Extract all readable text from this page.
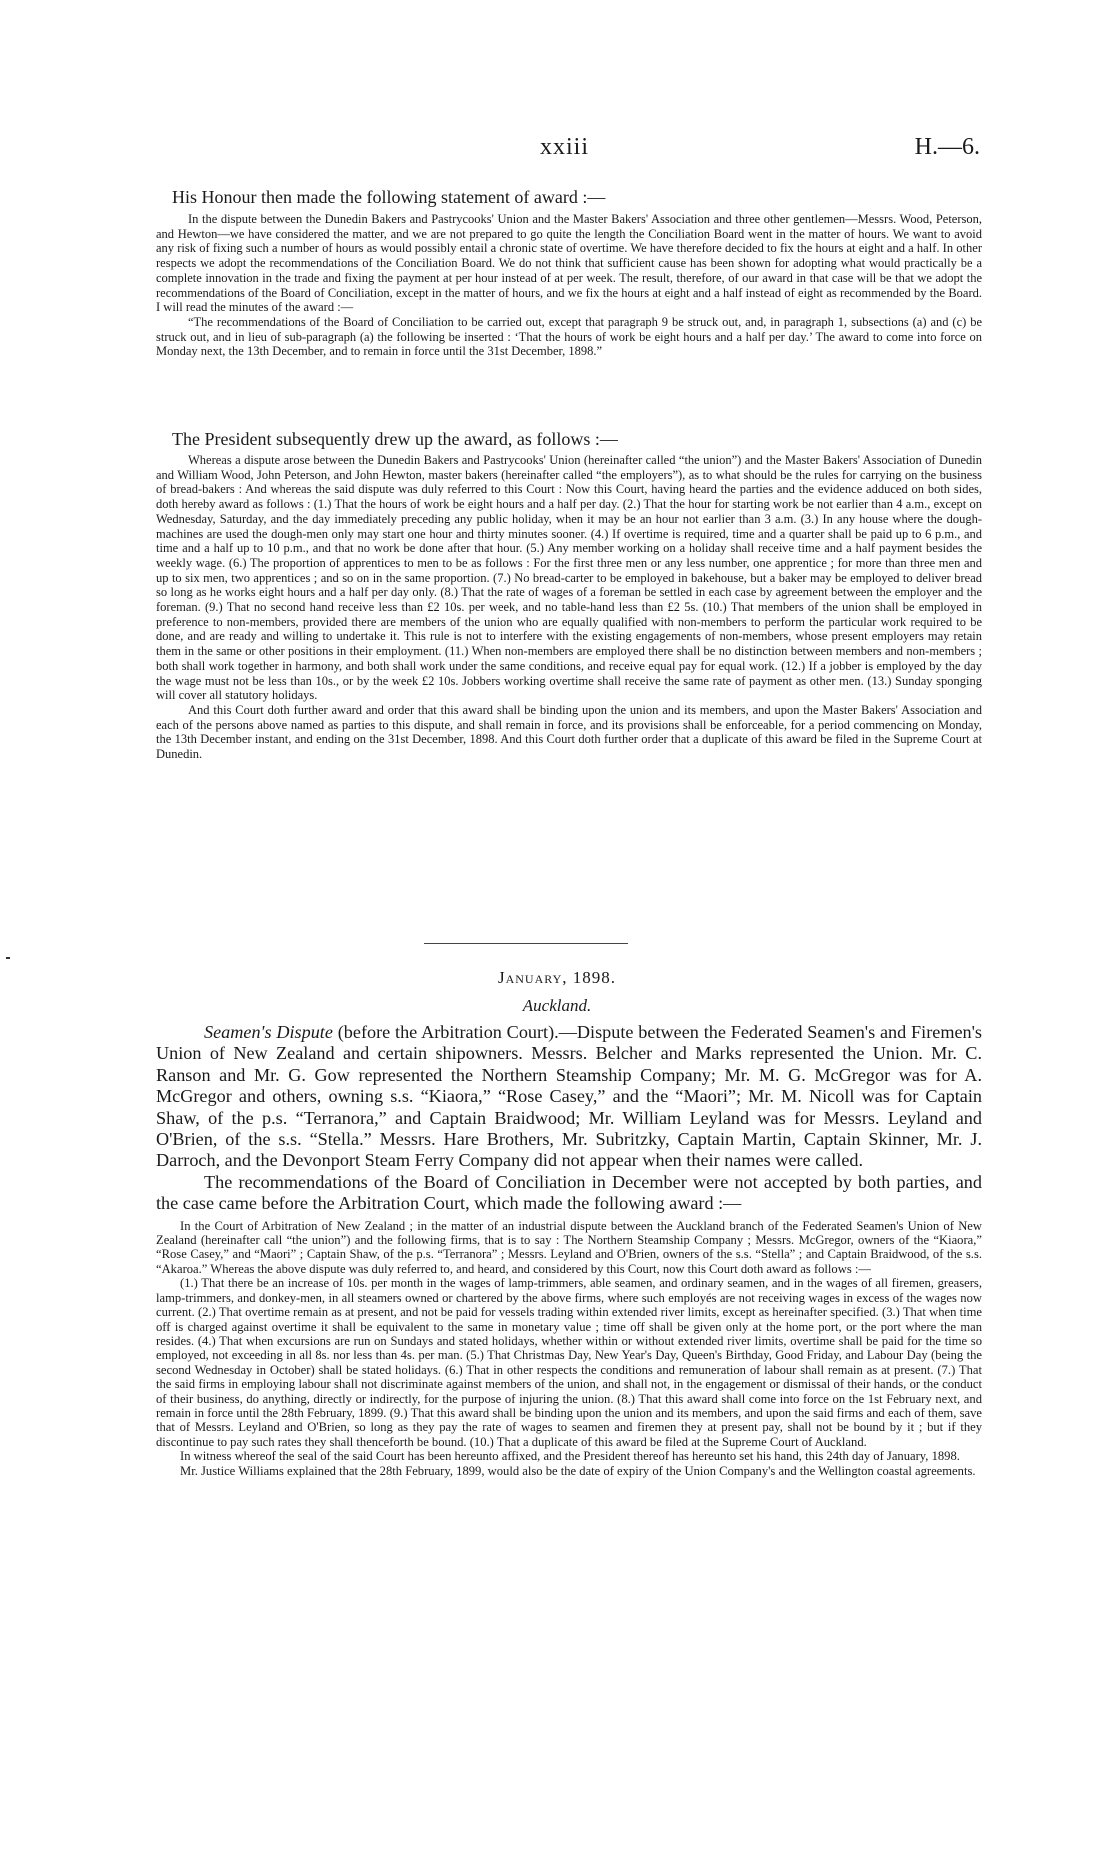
xxiii	H.—6.

His Honour then made the following statement of award :—

In the dispute between the Dunedin Bakers and Pastrycooks' Union and the Master Bakers' Association and three other gentlemen—Messrs. Wood, Peterson, and Hewton—we have considered the matter, and we are not prepared to go quite the length the Conciliation Board went in the matter of hours. We want to avoid any risk of fixing such a number of hours as would possibly entail a chronic state of overtime. We have therefore decided to fix the hours at eight and a half. In other respects we adopt the recommendations of the Conciliation Board. We do not think that sufficient cause has been shown for adopting what would practically be a complete innovation in the trade and fixing the payment at per hour instead of at per week. The result, therefore, of our award in that case will be that we adopt the recommendations of the Board of Conciliation, except in the matter of hours, and we fix the hours at eight and a half instead of eight as recommended by the Board. I will read the minutes of the award :—

“The recommendations of the Board of Conciliation to be carried out, except that paragraph 9 be struck out, and, in paragraph 1, subsections (a) and (c) be struck out, and in lieu of sub-paragraph (a) the following be inserted : ‘That the hours of work be eight hours and a half per day.’ The award to come into force on Monday next, the 13th December, and to remain in force until the 31st December, 1898.”

The President subsequently drew up the award, as follows :—

Whereas a dispute arose between the Dunedin Bakers and Pastrycooks' Union (hereinafter called “the union”) and the Master Bakers' Association of Dunedin and William Wood, John Peterson, and John Hewton, master bakers (hereinafter called “the employers”), as to what should be the rules for carrying on the business of bread-bakers : And whereas the said dispute was duly referred to this Court : Now this Court, having heard the parties and the evidence adduced on both sides, doth hereby award as follows : (1.) That the hours of work be eight hours and a half per day. (2.) That the hour for starting work be not earlier than 4 a.m., except on Wednesday, Saturday, and the day immediately preceding any public holiday, when it may be an hour not earlier than 3 a.m. (3.) In any house where the dough-machines are used the dough-men only may start one hour and thirty minutes sooner. (4.) If overtime is required, time and a quarter shall be paid up to 6 p.m., and time and a half up to 10 p.m., and that no work be done after that hour. (5.) Any member working on a holiday shall receive time and a half payment besides the weekly wage. (6.) The proportion of apprentices to men to be as follows : For the first three men or any less number, one apprentice ; for more than three men and up to six men, two apprentices ; and so on in the same proportion. (7.) No bread-carter to be employed in bakehouse, but a baker may be employed to deliver bread so long as he works eight hours and a half per day only. (8.) That the rate of wages of a foreman be settled in each case by agreement between the employer and the foreman. (9.) That no second hand receive less than £2 10s. per week, and no table-hand less than £2 5s. (10.) That members of the union shall be employed in preference to non-members, provided there are members of the union who are equally qualified with non-members to perform the particular work required to be done, and are ready and willing to undertake it. This rule is not to interfere with the existing engagements of non-members, whose present employers may retain them in the same or other positions in their employment. (11.) When non-members are employed there shall be no distinction between members and non-members ; both shall work together in harmony, and both shall work under the same conditions, and receive equal pay for equal work. (12.) If a jobber is employed by the day the wage must not be less than 10s., or by the week £2 10s. Jobbers working overtime shall receive the same rate of payment as other men. (13.) Sunday sponging will cover all statutory holidays.

And this Court doth further award and order that this award shall be binding upon the union and its members, and upon the Master Bakers' Association and each of the persons above named as parties to this dispute, and shall remain in force, and its provisions shall be enforceable, for a period commencing on Monday, the 13th December instant, and ending on the 31st December, 1898. And this Court doth further order that a duplicate of this award be filed in the Supreme Court at Dunedin.

January, 1898.
Auckland.

Seamen's Dispute (before the Arbitration Court).—Dispute between the Federated Seamen's and Firemen's Union of New Zealand and certain shipowners. Messrs. Belcher and Marks represented the Union. Mr. C. Ranson and Mr. G. Gow represented the Northern Steamship Company; Mr. M. G. McGregor was for A. McGregor and others, owning s.s. “Kiaora,” “Rose Casey,” and the “Maori”; Mr. M. Nicoll was for Captain Shaw, of the p.s. “Terranora,” and Captain Braidwood; Mr. William Leyland was for Messrs. Leyland and O'Brien, of the s.s. “Stella.” Messrs. Hare Brothers, Mr. Subritzky, Captain Martin, Captain Skinner, Mr. J. Darroch, and the Devonport Steam Ferry Company did not appear when their names were called.

The recommendations of the Board of Conciliation in December were not accepted by both parties, and the case came before the Arbitration Court, which made the following award :—

In the Court of Arbitration of New Zealand ; in the matter of an industrial dispute between the Auckland branch of the Federated Seamen's Union of New Zealand (hereinafter call “the union”) and the following firms, that is to say : The Northern Steamship Company ; Messrs. McGregor, owners of the “Kiaora,” “Rose Casey,” and “Maori” ; Captain Shaw, of the p.s. “Terranora” ; Messrs. Leyland and O'Brien, owners of the s.s. “Stella” ; and Captain Braidwood, of the s.s. “Akaroa.” Whereas the above dispute was duly referred to, and heard, and considered by this Court, now this Court doth award as follows :—

(1.) That there be an increase of 10s. per month in the wages of lamp-trimmers, able seamen, and ordinary seamen, and in the wages of all firemen, greasers, lamp-trimmers, and donkey-men, in all steamers owned or chartered by the above firms, where such employés are not receiving wages in excess of the wages now current. (2.) That overtime remain as at present, and not be paid for vessels trading within extended river limits, except as hereinafter specified. (3.) That when time off is charged against overtime it shall be equivalent to the same in monetary value ; time off shall be given only at the home port, or the port where the man resides. (4.) That when excursions are run on Sundays and stated holidays, whether within or without extended river limits, overtime shall be paid for the time so employed, not exceeding in all 8s. nor less than 4s. per man. (5.) That Christmas Day, New Year's Day, Queen's Birthday, Good Friday, and Labour Day (being the second Wednesday in October) shall be stated holidays. (6.) That in other respects the conditions and remuneration of labour shall remain as at present. (7.) That the said firms in employing labour shall not discriminate against members of the union, and shall not, in the engagement or dismissal of their hands, or the conduct of their business, do anything, directly or indirectly, for the purpose of injuring the union. (8.) That this award shall come into force on the 1st February next, and remain in force until the 28th February, 1899. (9.) That this award shall be binding upon the union and its members, and upon the said firms and each of them, save that of Messrs. Leyland and O'Brien, so long as they pay the rate of wages to seamen and firemen they at present pay, shall not be bound by it ; but if they discontinue to pay such rates they shall thenceforth be bound. (10.) That a duplicate of this award be filed at the Supreme Court of Auckland.

In witness whereof the seal of the said Court has been hereunto affixed, and the President thereof has hereunto set his hand, this 24th day of January, 1898.

Mr. Justice Williams explained that the 28th February, 1899, would also be the date of expiry of the Union Company's and the Wellington coastal agreements.
